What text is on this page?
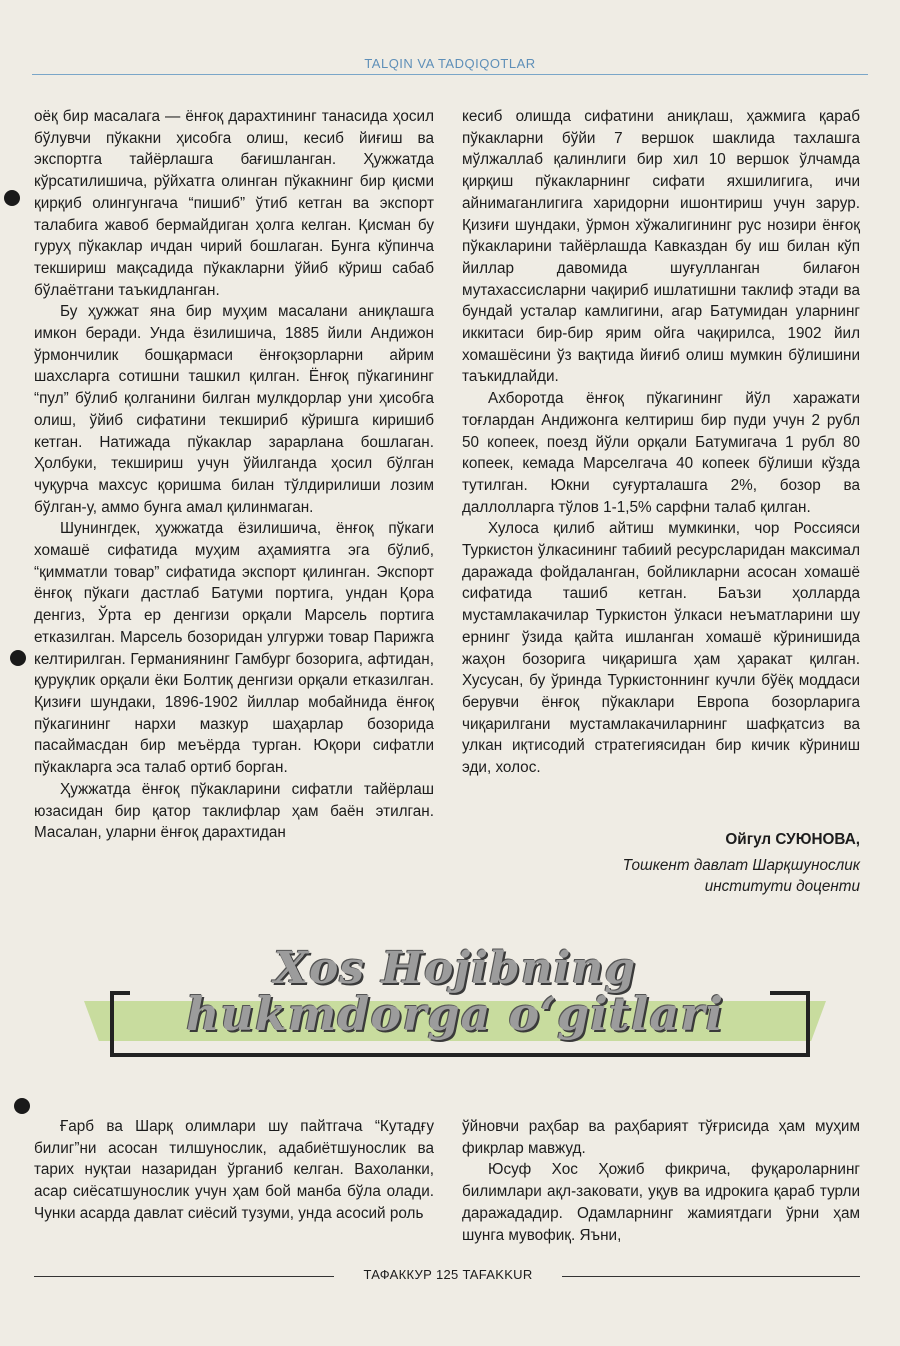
TALQIN VA TADQIQOTLAR

оёқ бир масалага — ёнғоқ дарахтининг танасида ҳосил бўлувчи пўкакни ҳисобга олиш, кесиб йиғиш ва экспортга тайёрлашга бағишланган. Ҳужжатда кўрсатилишича, рўйхатга олинган пўкакнинг бир қисми қирқиб олингунгача “пишиб” ўтиб кетган ва экспорт талабига жавоб бермайдиган ҳолга келган. Қисман бу гуруҳ пўкаклар ичдан чирий бошлаган. Бунга кўпинча текшириш мақсадида пўкакларни ўйиб кўриш сабаб бўлаётгани таъкидланган.

Бу ҳужжат яна бир муҳим масалани аниқлашга имкон беради. Унда ёзилишича, 1885 йили Андижон ўрмончилик бошқармаси ёнғоқзорларни айрим шахсларга сотишни ташкил қилган. Ёнғоқ пўкагининг “пул” бўлиб қолганини билган мулкдорлар уни ҳисобга олиш, ўйиб сифатини текшириб кўришга киришиб кетган. Натижада пўкаклар зарарлана бошлаган. Ҳолбуки, текшириш учун ўйилганда ҳосил бўлган чуқурча махсус қоришма билан тўлдирилиши лозим бўлган-у, аммо бунга амал қилинмаган.

Шунингдек, ҳужжатда ёзилишича, ёнғоқ пўкаги хомашё сифатида муҳим аҳамиятга эга бўлиб, “қимматли товар” сифатида экспорт қилинган. Экспорт ёнғоқ пўкаги дастлаб Батуми портига, ундан Қора денгиз, Ўрта ер денгизи орқали Марсель портига етказилган. Марсель бозоридан улгуржи товар Парижга келтирилган. Германиянинг Гамбург бозорига, афтидан, қуруқлик орқали ёки Болтиқ денгизи орқали етказилган. Қизиғи шундаки, 1896-1902 йиллар мобайнида ёнғоқ пўкагининг нархи мазкур шаҳарлар бозорида пасаймасдан бир меъёрда турган. Юқори сифатли пўкакларга эса талаб ортиб борган.

Ҳужжатда ёнғоқ пўкакларини сифатли тайёрлаш юзасидан бир қатор таклифлар ҳам баён этилган. Масалан, уларни ёнғоқ дарахтидан

кесиб олишда сифатини аниқлаш, ҳажмига қараб пўкакларни бўйи 7 вершок шаклида тахлашга мўлжаллаб қалинлиги бир хил 10 вершок ўлчамда қирқиш пўкакларнинг сифати яхшилигига, ичи айнимаганлигига харидорни ишонтириш учун зарур. Қизиғи шундаки, ўрмон хўжалигининг рус нозири ёнғоқ пўкакларини тайёрлашда Кавказдан бу иш билан кўп йиллар давомида шуғулланган билағон мутахассисларни чақириб ишлатишни таклиф этади ва бундай усталар камлигини, агар Батумидан уларнинг иккитаси бир-бир ярим ойга чақирилса, 1902 йил хомашёсини ўз вақтида йиғиб олиш мумкин бўлишини таъкидлайди.

Ахборотда ёнғоқ пўкагининг йўл харажати тоғлардан Андижонга келтириш бир пуди учун 2 рубл 50 копеек, поезд йўли орқали Батумигача 1 рубл 80 копеек, кемада Марселгача 40 копеек бўлиши кўзда тутилган. Юкни суғурталашга 2%, бозор ва даллолларга тўлов 1-1,5% сарфни талаб қилган.

Хулоса қилиб айтиш мумкинки, чор Россияси Туркистон ўлкасининг табиий ресурсларидан максимал даражада фойдаланган, бойликларни асосан хомашё сифатида ташиб кетган. Баъзи ҳолларда мустамлакачилар Туркистон ўлкаси неъматларини шу ернинг ўзида қайта ишланган хомашё кўринишида жаҳон бозорига чиқаришга ҳам ҳаракат қилган. Хусусан, бу ўринда Туркистоннинг кучли бўёқ моддаси берувчи ёнғоқ пўкаклари Европа бозорларига чиқарилгани мустамлакачиларнинг шафқатсиз ва улкан иқтисодий стратегиясидан бир кичик кўриниш эди, холос.

Ойгул СУЮНОВА,
Тошкент давлат Шарқшунослик
институти доценти
Xos Hojibning
hukmdorga o‘gitlari

Ғарб ва Шарқ олимлари шу пайтгача “Кутадғу билиг”ни асосан тилшунослик, адабиётшунослик ва тарих нуқтаи назаридан ўрганиб келган. Вахоланки, асар сиёсатшунослик учун ҳам бой манба бўла олади. Чунки асарда давлат сиёсий тузуми, унда асосий роль

ўйновчи раҳбар ва раҳбарият тўғрисида ҳам муҳим фикрлар мавжуд.

Юсуф Хос Ҳожиб фикрича, фуқароларнинг билимлари ақл-заковати, уқув ва идрокига қараб турли даражададир. Одамларнинг жамиятдаги ўрни ҳам шунга мувофиқ. Яъни,

ТАФАККУР 125 TAFAKKUR
